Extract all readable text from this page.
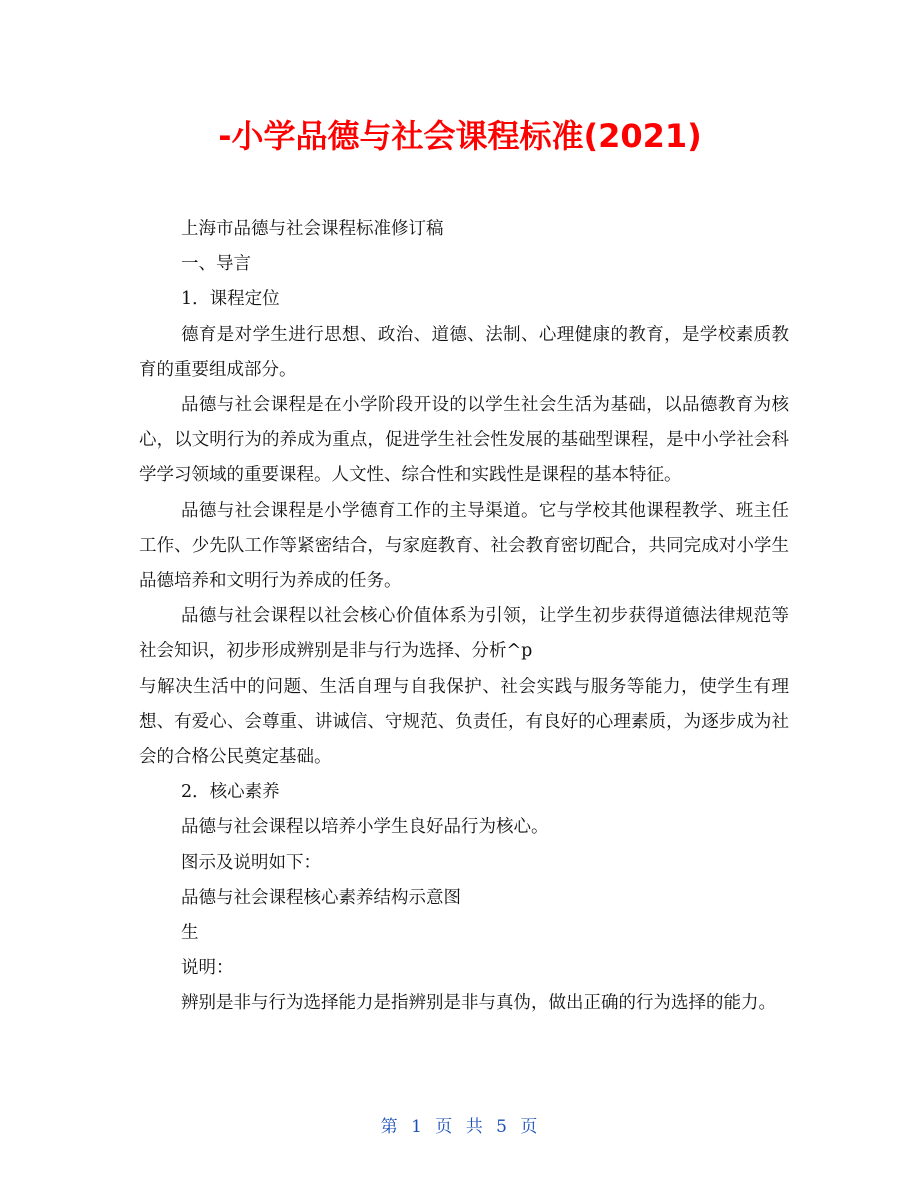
-小学品德与社会课程标准(2021)

上海市品德与社会课程标准修订稿

一、导言

1．课程定位

德育是对学生进行思想、政治、道德、法制、心理健康的教育，是学校素质教育的重要组成部分。

品德与社会课程是在小学阶段开设的以学生社会生活为基础，以品德教育为核心，以文明行为的养成为重点，促进学生社会性发展的基础型课程，是中小学社会科学学习领域的重要课程。人文性、综合性和实践性是课程的基本特征。

品德与社会课程是小学德育工作的主导渠道。它与学校其他课程教学、班主任工作、少先队工作等紧密结合，与家庭教育、社会教育密切配合，共同完成对小学生品德培养和文明行为养成的任务。

品德与社会课程以社会核心价值体系为引领，让学生初步获得道德法律规范等社会知识，初步形成辨别是非与行为选择、分析^p

与解决生活中的问题、生活自理与自我保护、社会实践与服务等能力，使学生有理想、有爱心、会尊重、讲诚信、守规范、负责任，有良好的心理素质，为逐步成为社会的合格公民奠定基础。

2．核心素养

品德与社会课程以培养小学生良好品行为核心。

图示及说明如下：

品德与社会课程核心素养结构示意图

生

说明：

辨别是非与行为选择能力是指辨别是非与真伪，做出正确的行为选择的能力。

第 1 页 共 5 页
